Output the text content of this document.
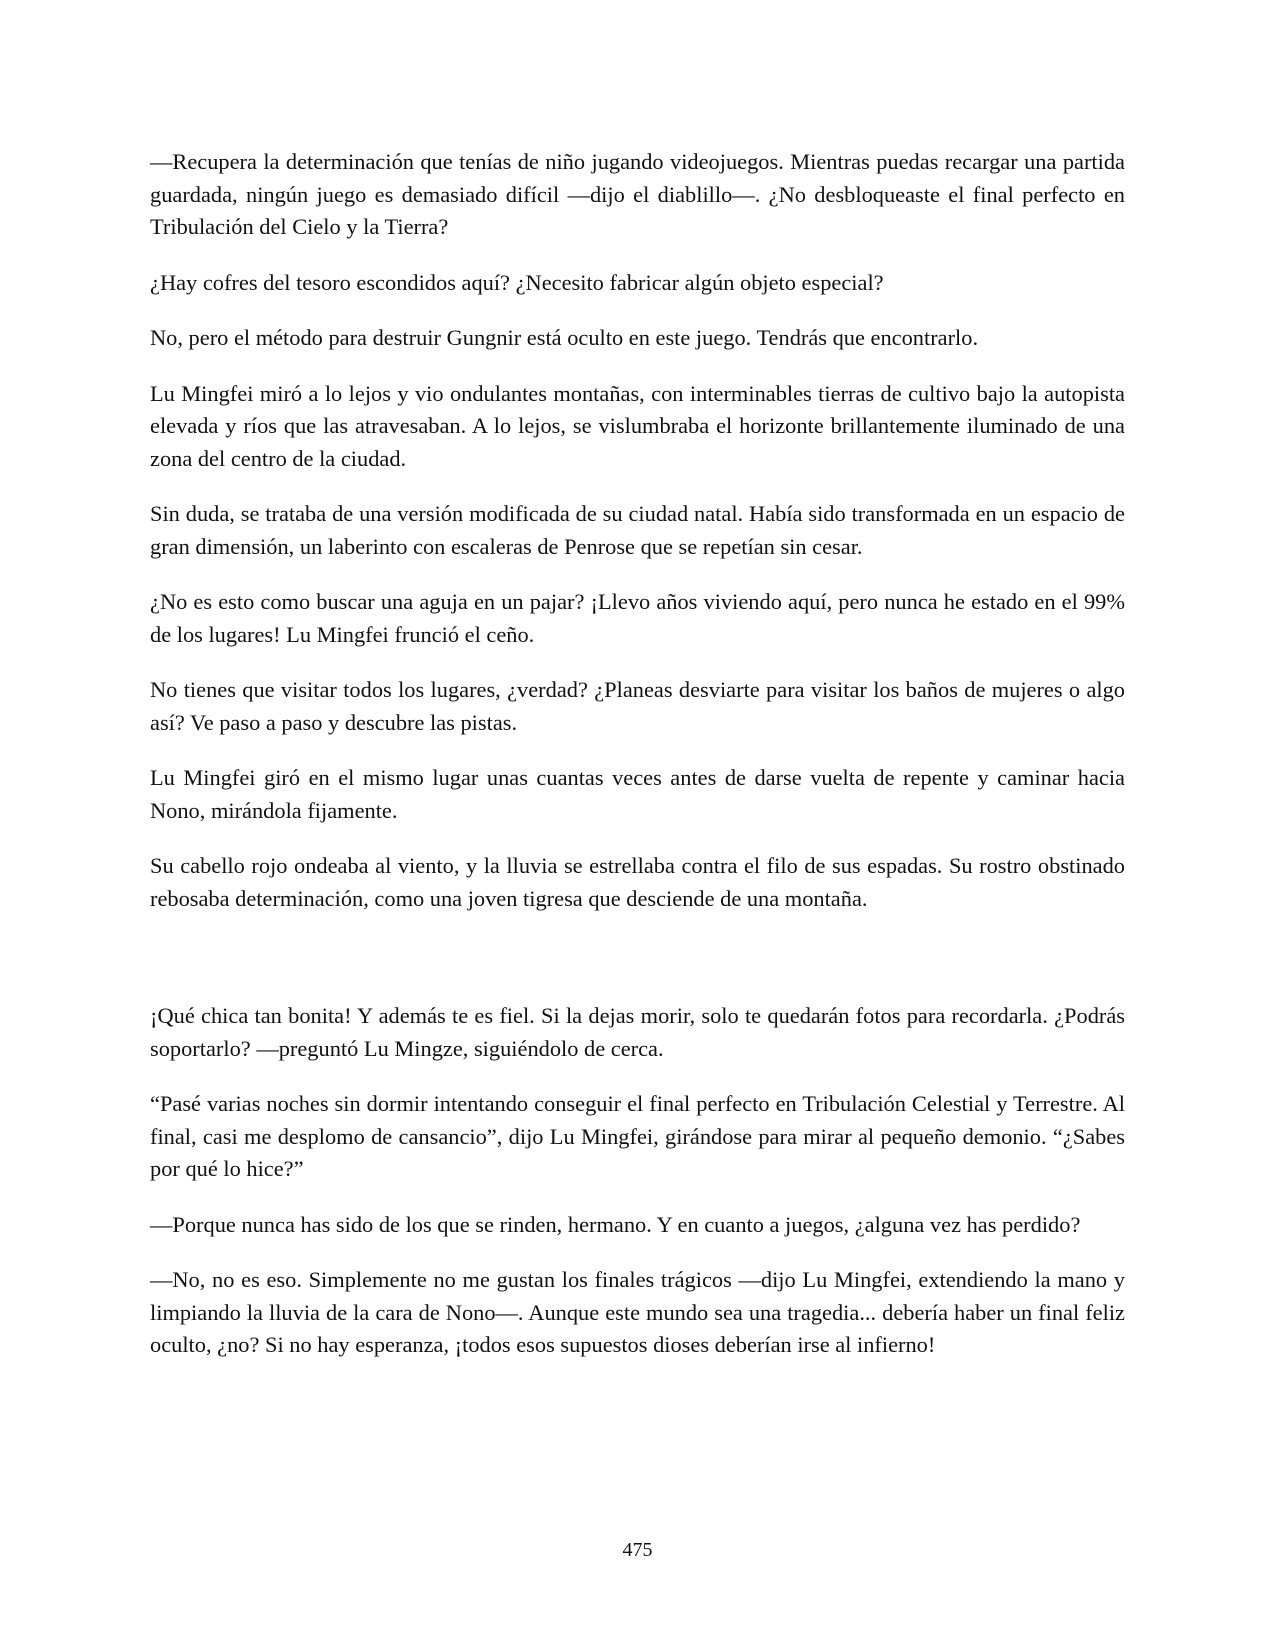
—Recupera la determinación que tenías de niño jugando videojuegos. Mientras puedas recargar una partida guardada, ningún juego es demasiado difícil —dijo el diablillo—. ¿No desbloqueaste el final perfecto en Tribulación del Cielo y la Tierra?

¿Hay cofres del tesoro escondidos aquí? ¿Necesito fabricar algún objeto especial?

No, pero el método para destruir Gungnir está oculto en este juego. Tendrás que encontrarlo.

Lu Mingfei miró a lo lejos y vio ondulantes montañas, con interminables tierras de cultivo bajo la autopista elevada y ríos que las atravesaban. A lo lejos, se vislumbraba el horizonte brillantemente iluminado de una zona del centro de la ciudad.

Sin duda, se trataba de una versión modificada de su ciudad natal. Había sido transformada en un espacio de gran dimensión, un laberinto con escaleras de Penrose que se repetían sin cesar.

¿No es esto como buscar una aguja en un pajar? ¡Llevo años viviendo aquí, pero nunca he estado en el 99% de los lugares! Lu Mingfei frunció el ceño.

No tienes que visitar todos los lugares, ¿verdad? ¿Planeas desviarte para visitar los baños de mujeres o algo así? Ve paso a paso y descubre las pistas.

Lu Mingfei giró en el mismo lugar unas cuantas veces antes de darse vuelta de repente y caminar hacia Nono, mirándola fijamente.

Su cabello rojo ondeaba al viento, y la lluvia se estrellaba contra el filo de sus espadas. Su rostro obstinado rebosaba determinación, como una joven tigresa que desciende de una montaña.

¡Qué chica tan bonita! Y además te es fiel. Si la dejas morir, solo te quedarán fotos para recordarla. ¿Podrás soportarlo? —preguntó Lu Mingze, siguiéndolo de cerca.

“Pasé varias noches sin dormir intentando conseguir el final perfecto en Tribulación Celestial y Terrestre. Al final, casi me desplomo de cansancio”, dijo Lu Mingfei, girándose para mirar al pequeño demonio. “¿Sabes por qué lo hice?”

—Porque nunca has sido de los que se rinden, hermano. Y en cuanto a juegos, ¿alguna vez has perdido?

—No, no es eso. Simplemente no me gustan los finales trágicos —dijo Lu Mingfei, extendiendo la mano y limpiando la lluvia de la cara de Nono—. Aunque este mundo sea una tragedia... debería haber un final feliz oculto, ¿no? Si no hay esperanza, ¡todos esos supuestos dioses deberían irse al infierno!

475
